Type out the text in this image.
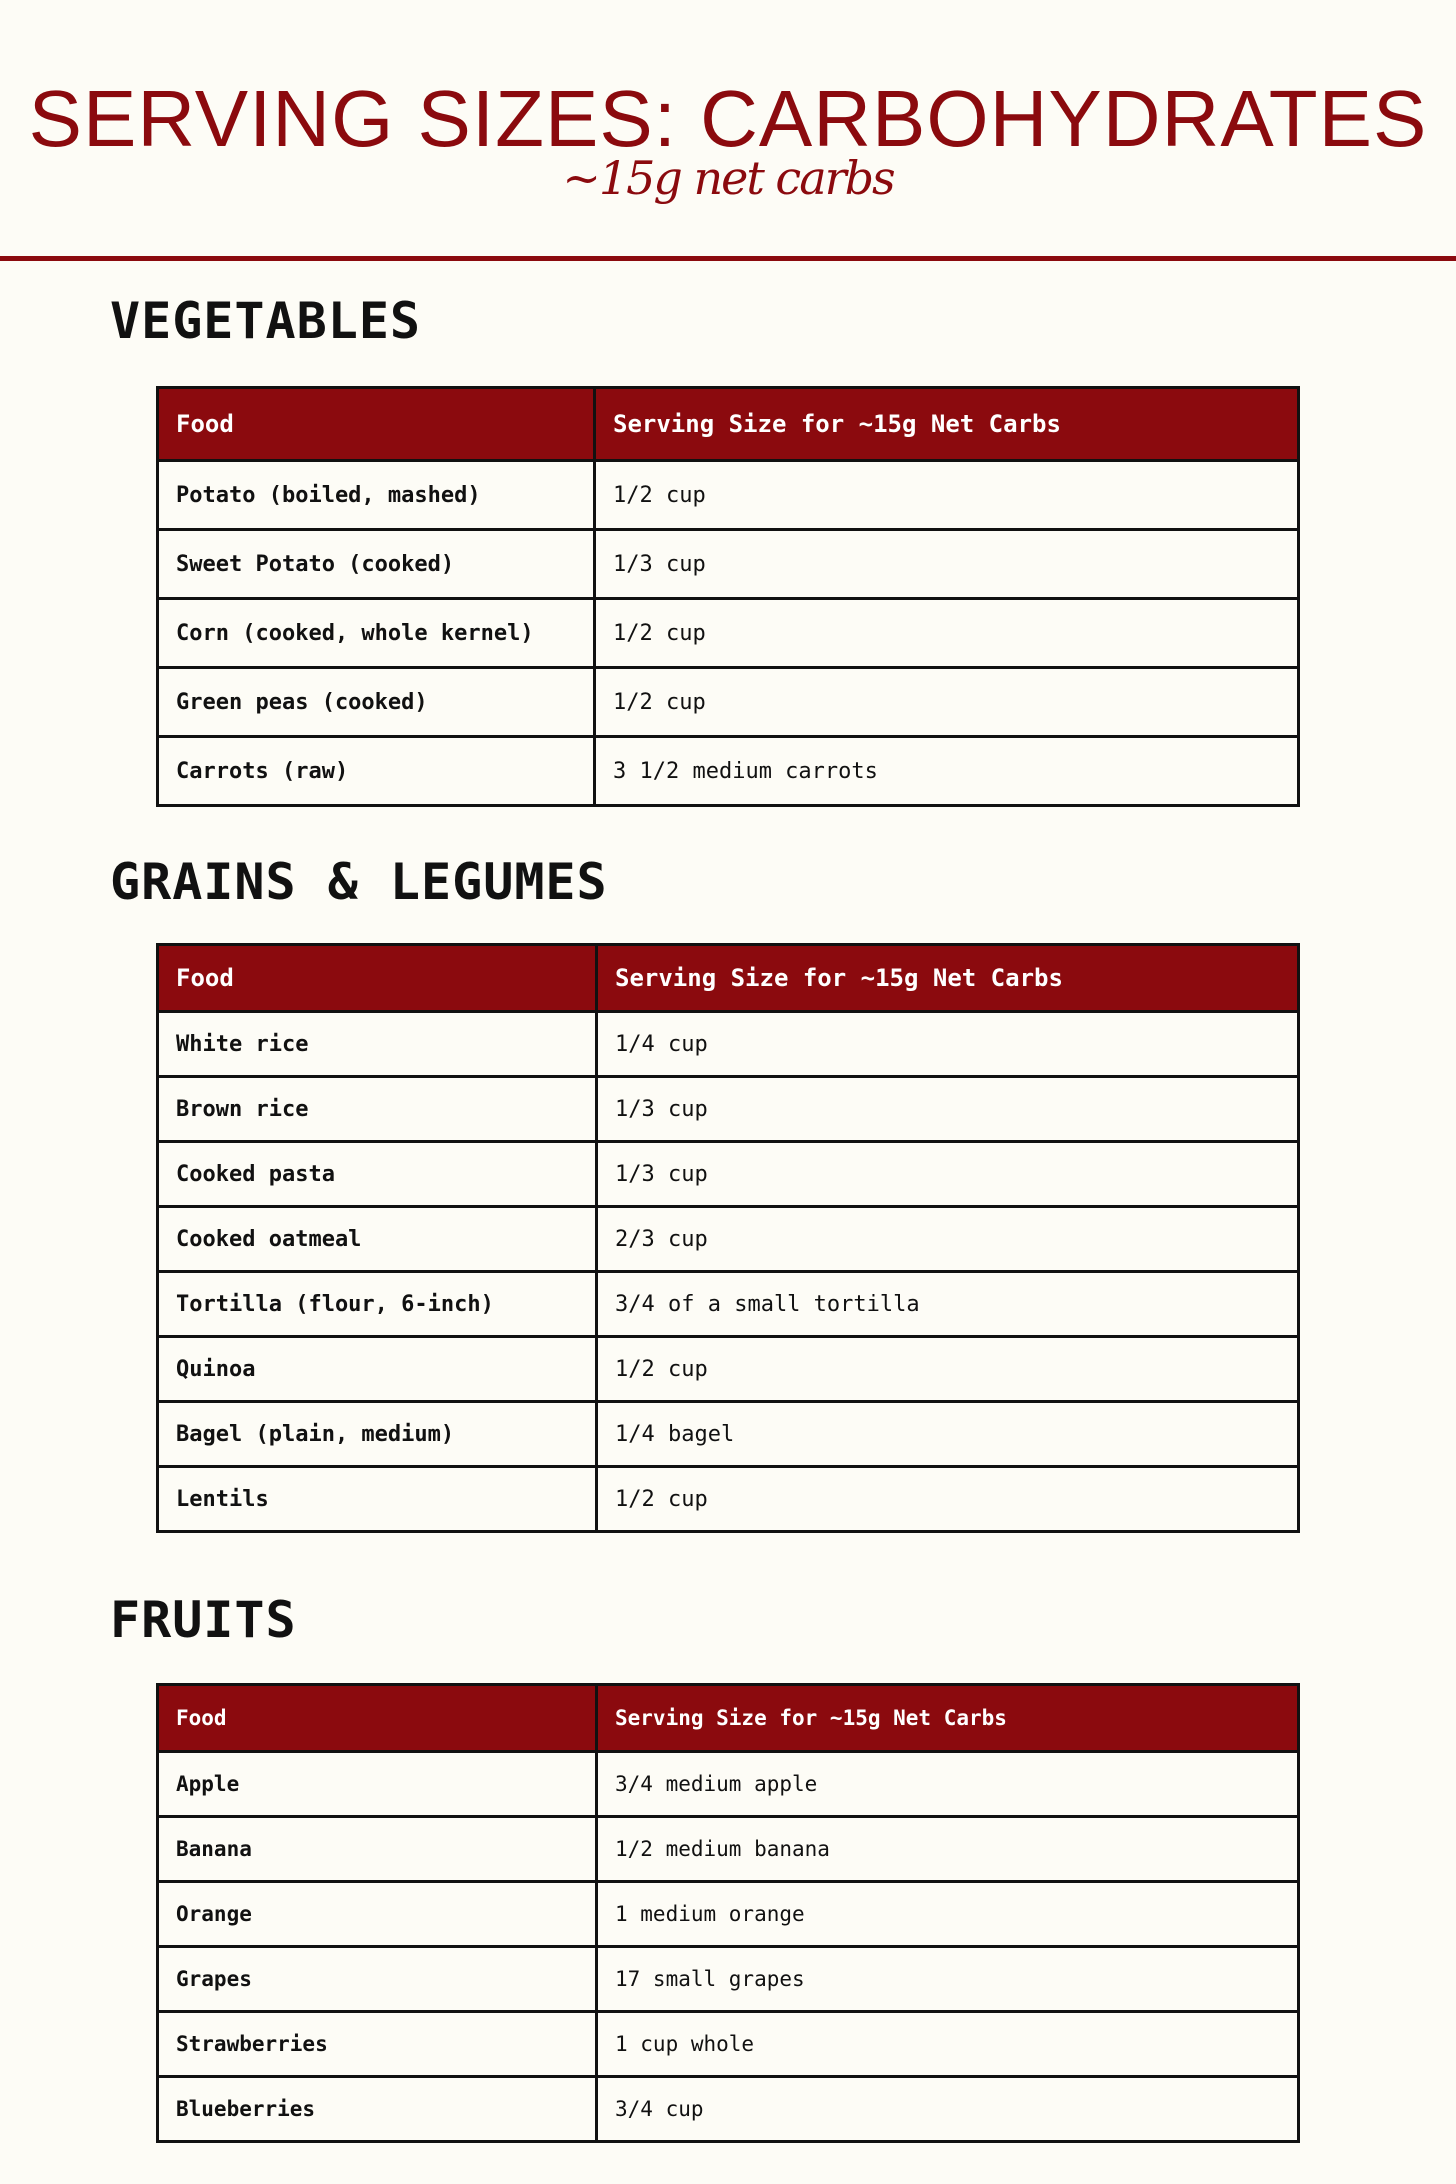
SERVING SIZES: CARBOHYDRATES
~15g net carbs
VEGETABLES
Food	Serving Size for ~15g Net Carbs
Potato (boiled, mashed)	1/2 cup
Sweet Potato (cooked)	1/3 cup
Corn (cooked, whole kernel)	1/2 cup
Green peas (cooked)	1/2 cup
Carrots (raw)	3 1/2 medium carrots
GRAINS & LEGUMES
Food	Serving Size for ~15g Net Carbs
White rice	1/4 cup
Brown rice	1/3 cup
Cooked pasta	1/3 cup
Cooked oatmeal	2/3 cup
Tortilla (flour, 6-inch)	3/4 of a small tortilla
Quinoa	1/2 cup
Bagel (plain, medium)	1/4 bagel
Lentils	1/2 cup
FRUITS
Food	Serving Size for ~15g Net Carbs
Apple	3/4 medium apple
Banana	1/2 medium banana
Orange	1 medium orange
Grapes	17 small grapes
Strawberries	1 cup whole
Blueberries	3/4 cup
